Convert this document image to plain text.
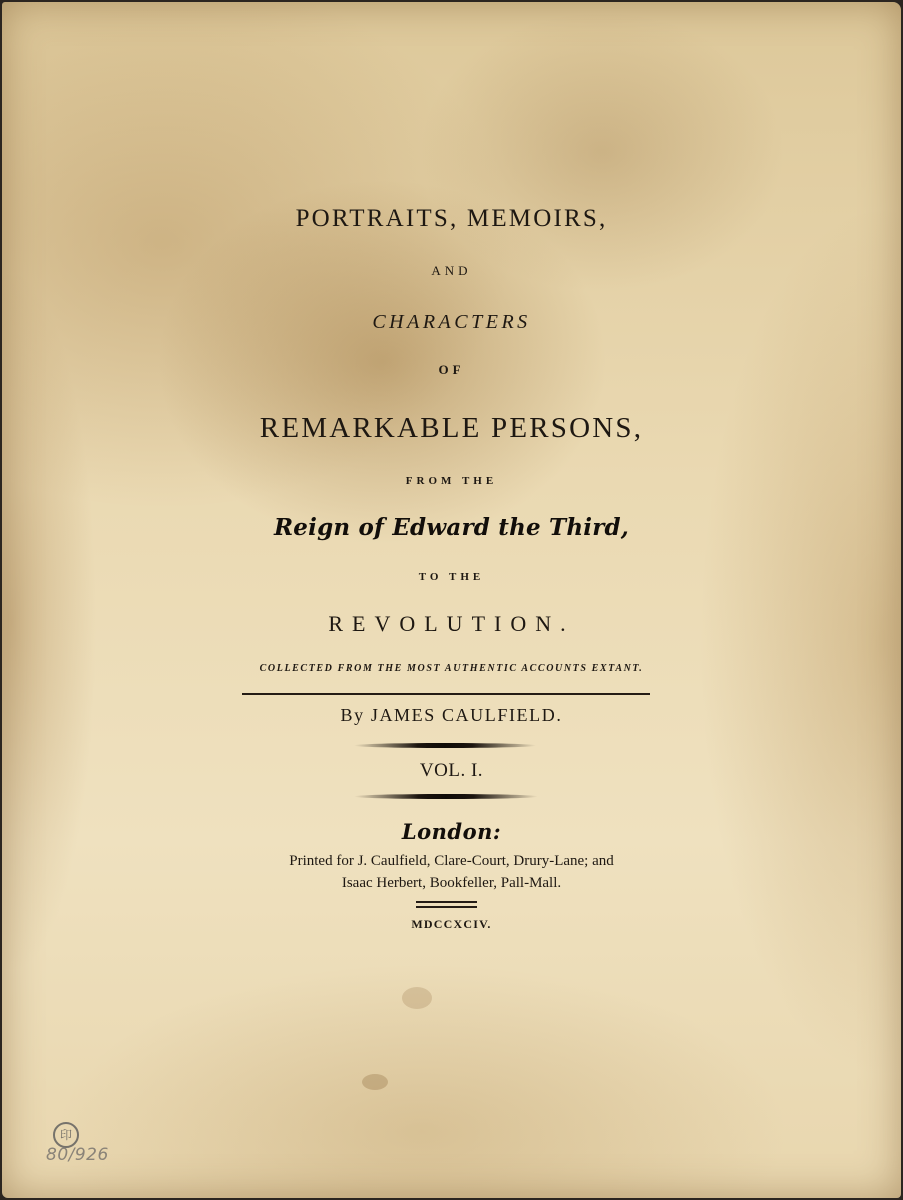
PORTRAITS, MEMOIRS,
AND
CHARACTERS
OF
REMARKABLE PERSONS,
FROM THE
Reign of Edward the Third,
TO THE
REVOLUTION.
COLLECTED FROM THE MOST AUTHENTIC ACCOUNTS EXTANT.
By JAMES CAULFIELD.
VOL. I.
London:
Printed for J. Caulfield, Clare-Court, Drury-Lane; and
Isaac Herbert, Bookfeller, Pall-Mall.
MDCCXCIV.
印
80/926
